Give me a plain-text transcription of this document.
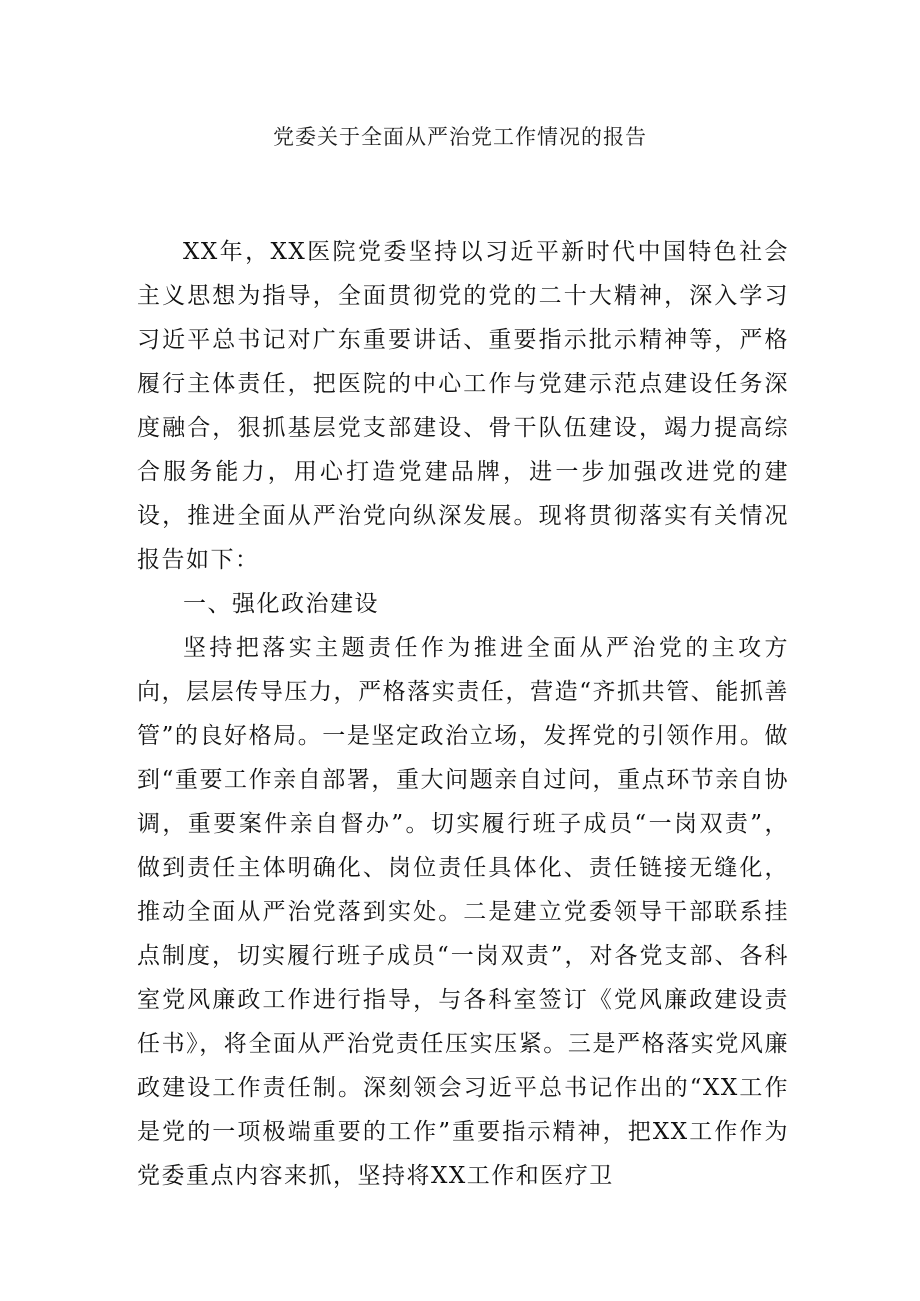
党委关于全面从严治党工作情况的报告

XX年，XX医院党委坚持以习近平新时代中国特色社会主义思想为指导，全面贯彻党的党的二十大精神，深入学习习近平总书记对广东重要讲话、重要指示批示精神等，严格履行主体责任，把医院的中心工作与党建示范点建设任务深度融合，狠抓基层党支部建设、骨干队伍建设，竭力提高综合服务能力，用心打造党建品牌，进一步加强改进党的建设，推进全面从严治党向纵深发展。现将贯彻落实有关情况报告如下：

一、强化政治建设

坚持把落实主题责任作为推进全面从严治党的主攻方向，层层传导压力，严格落实责任，营造“齐抓共管、能抓善管”的良好格局。一是坚定政治立场，发挥党的引领作用。做到“重要工作亲自部署，重大问题亲自过问，重点环节亲自协调，重要案件亲自督办”。切实履行班子成员“一岗双责”，做到责任主体明确化、岗位责任具体化、责任链接无缝化，推动全面从严治党落到实处。二是建立党委领导干部联系挂点制度，切实履行班子成员“一岗双责”，对各党支部、各科室党风廉政工作进行指导，与各科室签订《党风廉政建设责任书》，将全面从严治党责任压实压紧。三是严格落实党风廉政建设工作责任制。深刻领会习近平总书记作出的“XX工作是党的一项极端重要的工作”重要指示精神，把XX工作作为党委重点内容来抓，坚持将XX工作和医疗卫
